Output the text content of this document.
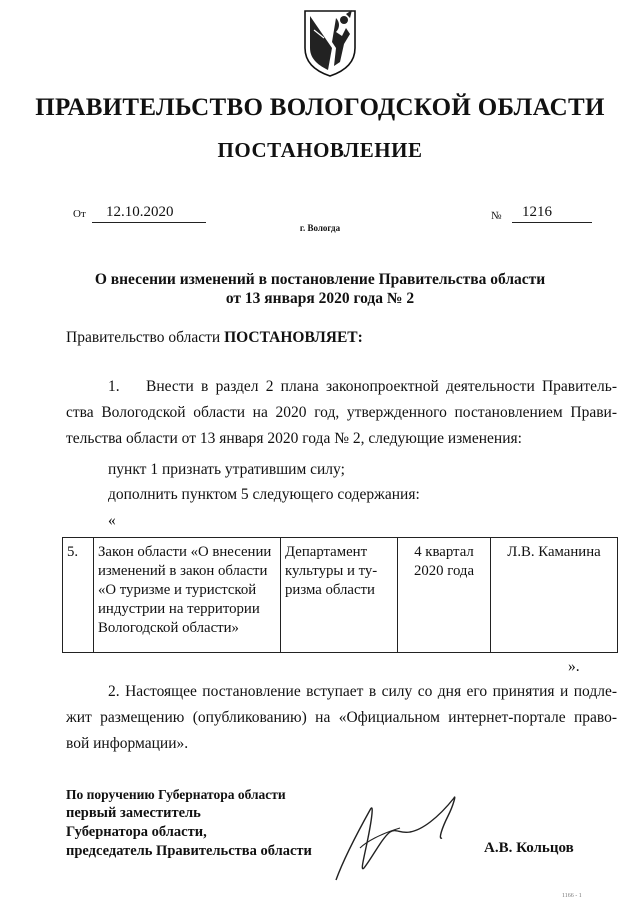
ПРАВИТЕЛЬСТВО ВОЛОГОДСКОЙ ОБЛАСТИ
ПОСТАНОВЛЕНИЕ
От	12.10.2020	№	1216
г. Вологда
О внесении изменений в постановление Правительства области
от 13 января 2020 года № 2
Правительство области ПОСТАНОВЛЯЕТ:
1. Внести в раздел 2 плана законопроектной деятельности Правитель-
ства Вологодской области на 2020 год, утвержденного постановлением Прави-
тельства области от 13 января 2020 года № 2, следующие изменения:
пункт 1 признать утратившим силу;
дополнить пунктом 5 следующего содержания:
«
5.	Закон области «О внесении изменений в закон области «О туризме и туристской индустрии на территории Вологодской области»	Департамент культуры и ту-ризма области	4 квартал 2020 года	Л.В. Каманина
».
2. Настоящее постановление вступает в силу со дня его принятия и подле-
жит размещению (опубликованию) на «Официальном интернет-портале право-
вой информации».
По поручению Губернатора области
первый заместитель
Губернатора области,
председатель Правительства области	А.В. Кольцов
1166 - 1
